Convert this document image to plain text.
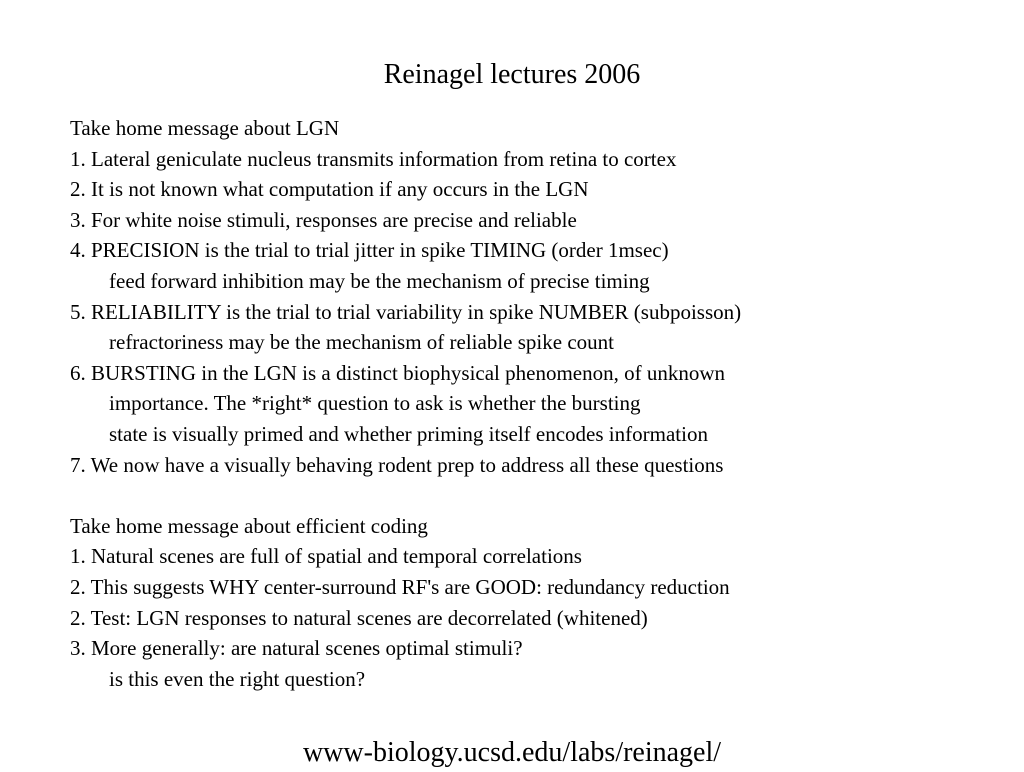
Reinagel lectures 2006
Take home message about LGN
1. Lateral geniculate nucleus transmits information from retina to cortex
2. It is not known what computation if any occurs in the LGN
3. For white noise stimuli, responses are precise and reliable
4. PRECISION is the trial to trial jitter in spike TIMING (order 1msec)
feed forward inhibition may be the mechanism of precise timing
5. RELIABILITY is the trial to trial variability in spike NUMBER (subpoisson)
refractoriness may be the mechanism of reliable spike count
6. BURSTING in the LGN is a distinct biophysical phenomenon, of unknown
importance. The *right* question to ask is whether the bursting
state is visually primed and whether priming itself encodes information
7. We now have a visually behaving rodent prep to address all these questions
Take home message about efficient coding
1. Natural scenes are full of spatial and temporal correlations
2. This suggests WHY center-surround RF's are GOOD: redundancy reduction
2. Test: LGN responses to natural scenes are decorrelated (whitened)
3. More generally: are natural scenes optimal stimuli?
is this even the right question?
www-biology.ucsd.edu/labs/reinagel/
